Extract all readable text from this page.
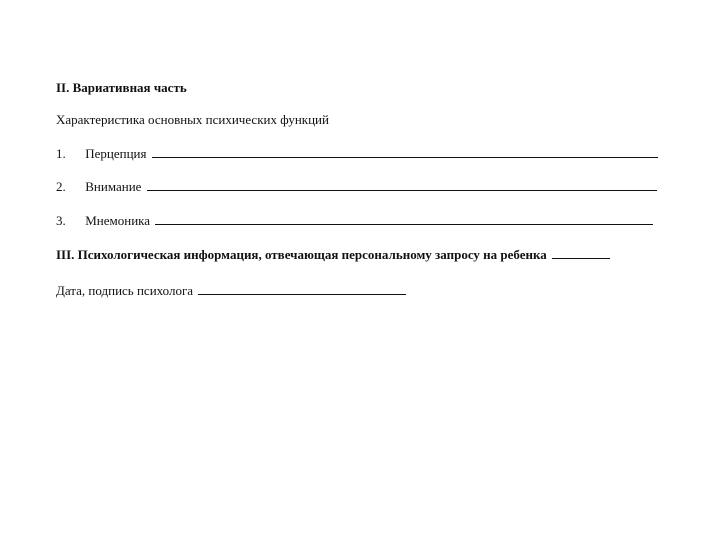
II. Вариативная часть
Характеристика основных психических функций
1. Перцепция
2. Внимание
3. Мнемоника
III. Психологическая информация, отвечающая персональному запросу на ребенка
Дата, подпись психолога
